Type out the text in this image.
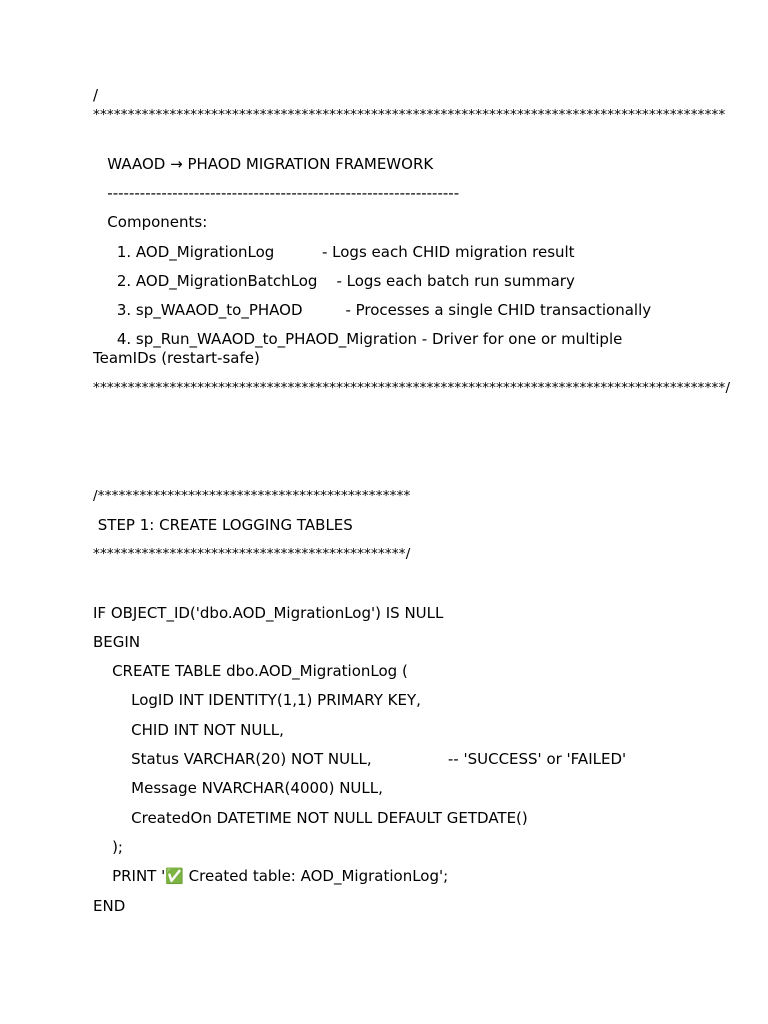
/
*******************************************************************************************
WAAOD → PHAOD MIGRATION FRAMEWORK
-----------------------------------------------------------------
Components:
1. AOD_MigrationLog          - Logs each CHID migration result
2. AOD_MigrationBatchLog    - Logs each batch run summary
3. sp_WAAOD_to_PHAOD         - Processes a single CHID transactionally
4. sp_Run_WAAOD_to_PHAOD_Migration - Driver for one or multiple TeamIDs (restart-safe)
*******************************************************************************************/
/*********************************************
STEP 1: CREATE LOGGING TABLES
*********************************************/
IF OBJECT_ID('dbo.AOD_MigrationLog') IS NULL
BEGIN
CREATE TABLE dbo.AOD_MigrationLog (
LogID INT IDENTITY(1,1) PRIMARY KEY,
CHID INT NOT NULL,
Status VARCHAR(20) NOT NULL,                -- 'SUCCESS' or 'FAILED'
Message NVARCHAR(4000) NULL,
CreatedOn DATETIME NOT NULL DEFAULT GETDATE()
);
PRINT '✅ Created table: AOD_MigrationLog';
END
